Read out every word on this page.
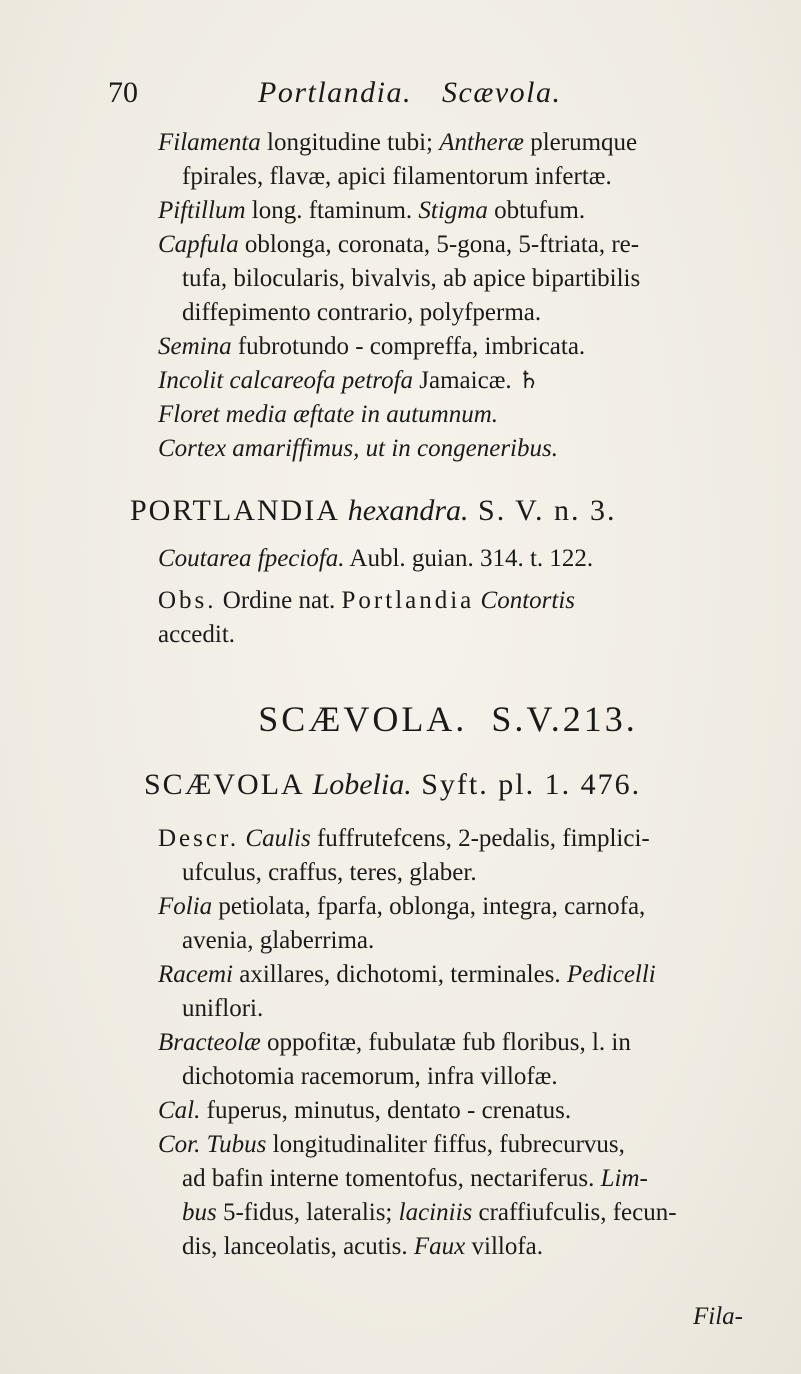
70	Portlandia. Scævola.
Filamenta longitudine tubi; Antheræ plerumque
fpirales, flavæ, apici filamentorum infertæ.
Piftillum long. ftaminum. Stigma obtufum.
Capfula oblonga, coronata, 5-gona, 5-ftriata, re-
tufa, bilocularis, bivalvis, ab apice bipartibilis
diffepimento contrario, polyfperma.
Semina fubrotundo - compreffa, imbricata.
Incolit calcareofa petrofa Jamaicæ. ♄
Floret media æftate in autumnum.
Cortex amariffimus, ut in congeneribus.
PORTLANDIA hexandra. S. V. n. 3.
Coutarea fpeciofa. Aubl. guian. 314. t. 122.
Obs. Ordine nat. Portlandia Contortis
accedit.
SCÆVOLA. S.V.213.
SCÆVOLA Lobelia. Syft. pl. 1. 476.
Descr. Caulis fuffrutefcens, 2-pedalis, fimplici-
ufculus, craffus, teres, glaber.
Folia petiolata, fparfa, oblonga, integra, carnofa,
avenia, glaberrima.
Racemi axillares, dichotomi, terminales. Pedicelli
uniflori.
Bracteolæ oppofitæ, fubulatæ fub floribus, l. in
dichotomia racemorum, infra villofæ.
Cal. fuperus, minutus, dentato - crenatus.
Cor. Tubus longitudinaliter fiffus, fubrecurvus,
ad bafin interne tomentofus, nectariferus. Lim-
bus 5-fidus, lateralis; laciniis craffiufculis, fecun-
dis, lanceolatis, acutis. Faux villofa.
Fila-
